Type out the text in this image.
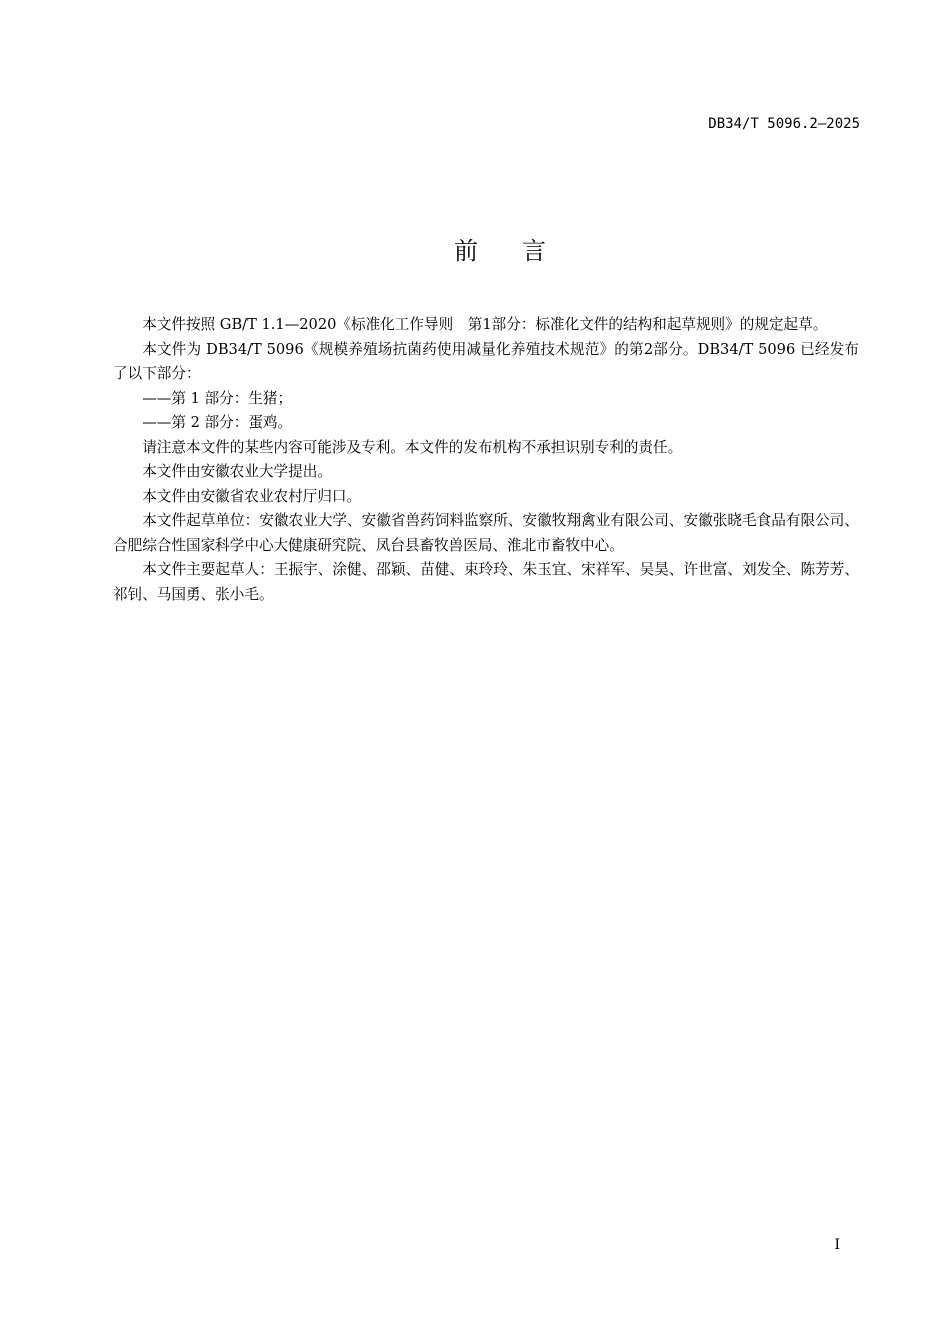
DB34/T 5096.2—2025
前言

本文件按照 GB/T 1.1—2020《标准化工作导则　第1部分：标准化文件的结构和起草规则》的规定起草。

本文件为 DB34/T 5096《规模养殖场抗菌药使用减量化养殖技术规范》的第2部分。DB34/T 5096 已经发布了以下部分：

——第 1 部分：生猪；

——第 2 部分：蛋鸡。

请注意本文件的某些内容可能涉及专利。本文件的发布机构不承担识别专利的责任。

本文件由安徽农业大学提出。

本文件由安徽省农业农村厅归口。

本文件起草单位：安徽农业大学、安徽省兽药饲料监察所、安徽牧翔禽业有限公司、安徽张晓毛食品有限公司、合肥综合性国家科学中心大健康研究院、凤台县畜牧兽医局、淮北市畜牧中心。

本文件主要起草人：王振宇、涂健、邵颖、苗健、束玲玲、朱玉宜、宋祥军、吴昊、许世富、刘发全、陈芳芳、祁钊、马国勇、张小毛。

I
